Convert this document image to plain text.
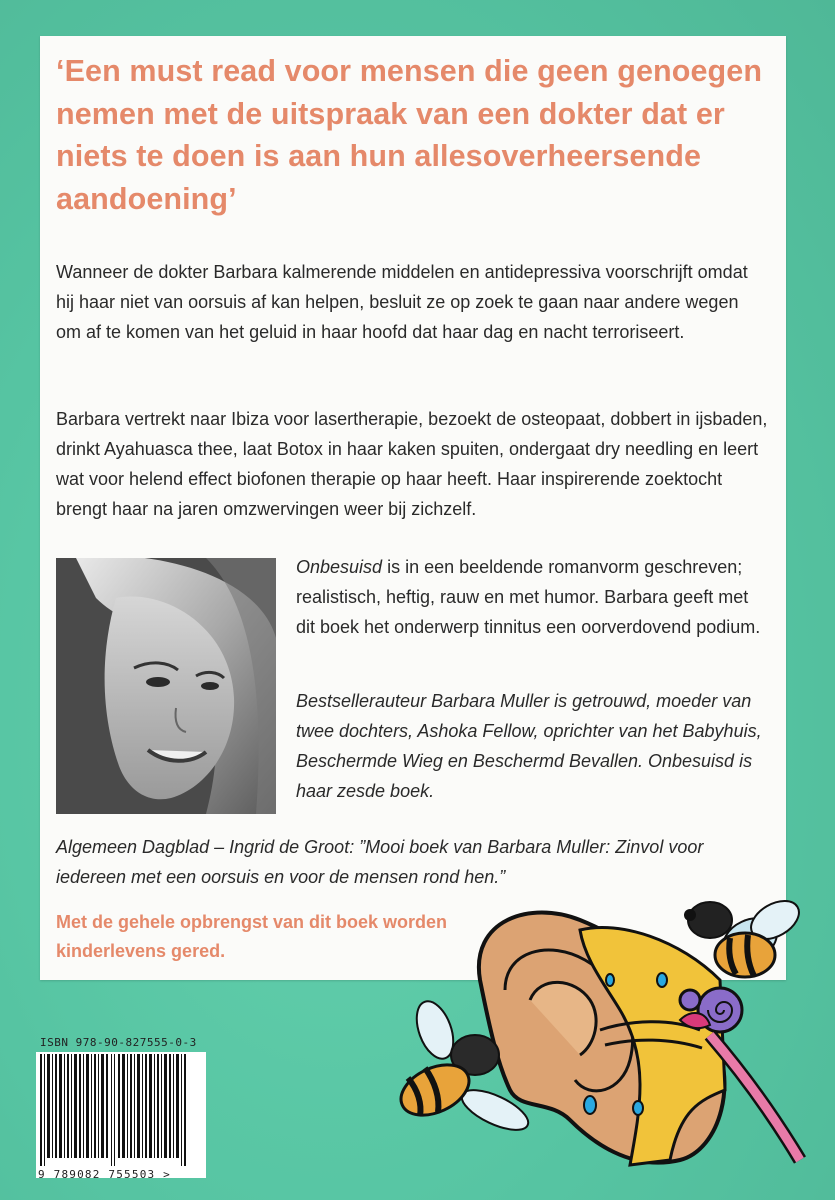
‘Een must read voor mensen die geen genoegen nemen met de uitspraak van een dokter dat er niets te doen is aan hun allesoverheersende aandoening’

Wanneer de dokter Barbara kalmerende middelen en antidepressiva voorschrijft omdat hij haar niet van oorsuis af kan helpen, besluit ze op zoek te gaan naar andere wegen om af te komen van het geluid in haar hoofd dat haar dag en nacht terroriseert.

Barbara vertrekt naar Ibiza voor lasertherapie, bezoekt de osteopaat, dobbert in ijsbaden, drinkt Ayahuasca thee, laat Botox in haar kaken spuiten, ondergaat dry needling en leert wat voor helend effect biofonen therapie op haar heeft. Haar inspirerende zoektocht brengt haar na jaren omzwervingen weer bij zichzelf.

Onbesuisd is in een beeldende romanvorm geschreven; realistisch, heftig, rauw en met humor. Barbara geeft met dit boek het onderwerp tinnitus een oorverdovend podium.

Bestsellerauteur Barbara Muller is getrouwd, moeder van twee dochters, Ashoka Fellow, oprichter van het Babyhuis, Beschermde Wieg en Beschermd Bevallen. Onbesuisd is haar zesde boek.

Algemeen Dagblad – Ingrid de Groot: ”Mooi boek van Barbara Muller: Zinvol voor iedereen met een oorsuis en voor de mensen rond hen.”

Met de gehele opbrengst van dit boek worden kinderlevens gered.

ISBN 978-90-827555-0-3
9 789082 755503 >
